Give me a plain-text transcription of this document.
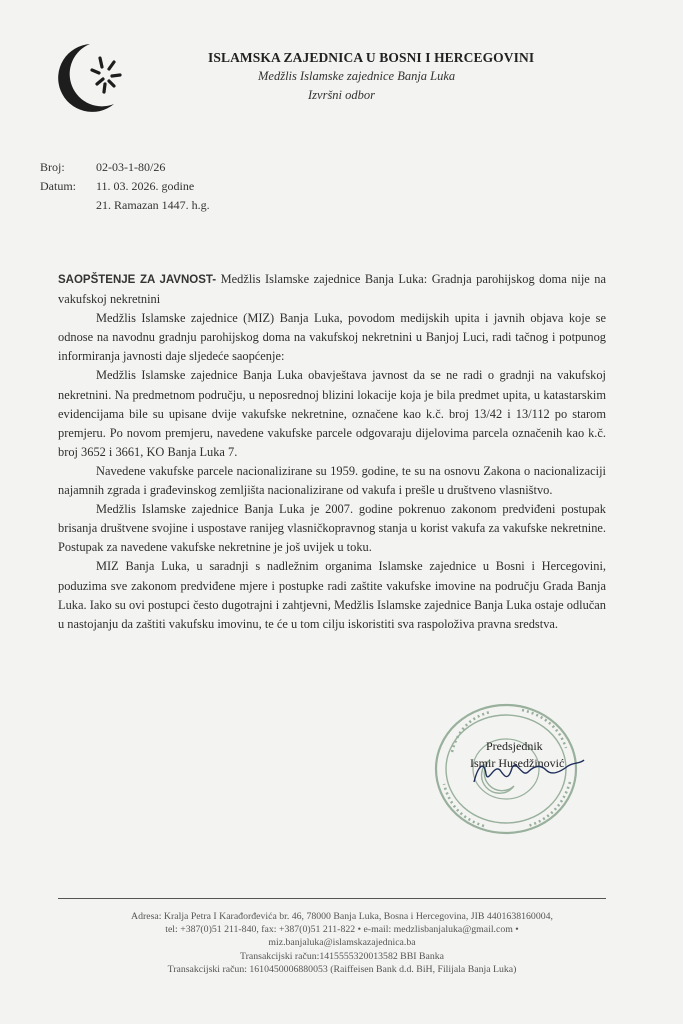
ISLAMSKA ZAJEDNICA U BOSNI I HERCEGOVINI
Medžlis Islamske zajednice Banja Luka
Izvršni odbor
Broj:	02-03-1-80/26
Datum: 11. 03. 2026. godine
21. Ramazan 1447. h.g.

SAOPŠTENJE ZA JAVNOST- Medžlis Islamske zajednice Banja Luka: Gradnja parohijskog doma nije na vakufskoj nekretnini

Medžlis Islamske zajednice (MIZ) Banja Luka, povodom medijskih upita i javnih objava koje se odnose na navodnu gradnju parohijskog doma na vakufskoj nekretnini u Banjoj Luci, radi tačnog i potpunog informiranja javnosti daje sljedeće saopćenje:

Medžlis Islamske zajednice Banja Luka obavještava javnost da se ne radi o gradnji na vakufskoj nekretnini. Na predmetnom području, u neposrednoj blizini lokacije koja je bila predmet upita, u katastarskim evidencijama bile su upisane dvije vakufske nekretnine, označene kao k.č. broj 13/42 i 13/112 po starom premjeru. Po novom premjeru, navedene vakufske parcele odgovaraju dijelovima parcela označenih kao k.č. broj 3652 i 3661, KO Banja Luka 7.

Navedene vakufske parcele nacionalizirane su 1959. godine, te su na osnovu Zakona o nacionalizaciji najamnih zgrada i građevinskog zemljišta nacionalizirane od vakufa i prešle u društveno vlasništvo.

Medžlis Islamske zajednice Banja Luka je 2007. godine pokrenuo zakonom predviđeni postupak brisanja društvene svojine i uspostave ranijeg vlasničkopravnog stanja u korist vakufa za vakufske nekretnine. Postupak za navedene vakufske nekretnine je još uvijek u toku.

MIZ Banja Luka, u saradnji s nadležnim organima Islamske zajednice u Bosni i Hercegovini, poduzima sve zakonom predviđene mjere i postupke radi zaštite vakufske imovine na području Grada Banja Luka. Iako su ovi postupci često dugotrajni i zahtjevni, Medžlis Islamske zajednice Banja Luka ostaje odlučan u nastojanju da zaštiti vakufsku imovinu, te će u tom cilju iskoristiti sva raspoloživa pravna sredstva.

Predsjednik
Ismir Husedžinović
Adresa: Kralja Petra I Karađorđevića br. 46, 78000 Banja Luka, Bosna i Hercegovina, JIB 4401638160004,
tel: +387(0)51 211-840, fax: +387(0)51 211-822 • e-mail: medzlisbanjaluka@gmail.com •
miz.banjaluka@islamskazajednica.ba
Transakcijski račun:1415555320013582 BBI Banka
Transakcijski račun: 1610450006880053 (Raiffeisen Bank d.d. BiH, Filijala Banja Luka)
